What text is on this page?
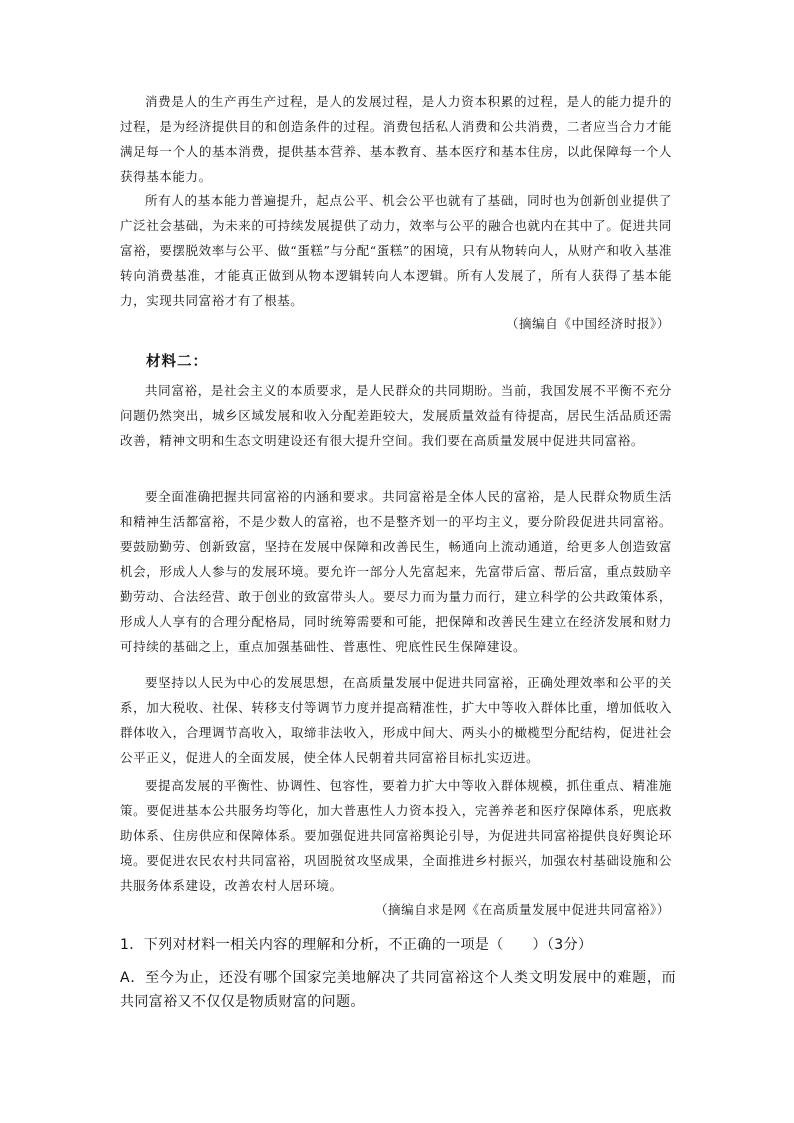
消费是人的生产再生产过程，是人的发展过程，是人力资本积累的过程，是人的能力提升的过程，是为经济提供目的和创造条件的过程。消费包括私人消费和公共消费，二者应当合力才能满足每一个人的基本消费，提供基本营养、基本教育、基本医疗和基本住房，以此保障每一个人获得基本能力。

所有人的基本能力普遍提升，起点公平、机会公平也就有了基础，同时也为创新创业提供了广泛社会基础，为未来的可持续发展提供了动力，效率与公平的融合也就内在其中了。促进共同富裕，要摆脱效率与公平、做“蛋糕”与分配“蛋糕”的困境，只有从物转向人，从财产和收入基准转向消费基准，才能真正做到从物本逻辑转向人本逻辑。所有人发展了，所有人获得了基本能力，实现共同富裕才有了根基。

（摘编自《中国经济时报》）
材料二：

共同富裕，是社会主义的本质要求，是人民群众的共同期盼。当前，我国发展不平衡不充分问题仍然突出，城乡区域发展和收入分配差距较大，发展质量效益有待提高，居民生活品质还需改善，精神文明和生态文明建设还有很大提升空间。我们要在高质量发展中促进共同富裕。

要全面准确把握共同富裕的内涵和要求。共同富裕是全体人民的富裕，是人民群众物质生活和精神生活都富裕，不是少数人的富裕，也不是整齐划一的平均主义，要分阶段促进共同富裕。要鼓励勤劳、创新致富，坚持在发展中保障和改善民生，畅通向上流动通道，给更多人创造致富机会，形成人人参与的发展环境。要允许一部分人先富起来，先富带后富、帮后富，重点鼓励辛勤劳动、合法经营、敢于创业的致富带头人。要尽力而为量力而行，建立科学的公共政策体系，形成人人享有的合理分配格局，同时统筹需要和可能，把保障和改善民生建立在经济发展和财力可持续的基础之上，重点加强基础性、普惠性、兜底性民生保障建设。

要坚持以人民为中心的发展思想，在高质量发展中促进共同富裕，正确处理效率和公平的关系，加大税收、社保、转移支付等调节力度并提高精准性，扩大中等收入群体比重，增加低收入群体收入，合理调节高收入，取缔非法收入，形成中间大、两头小的橄榄型分配结构，促进社会公平正义，促进人的全面发展，使全体人民朝着共同富裕目标扎实迈进。

要提高发展的平衡性、协调性、包容性，要着力扩大中等收入群体规模，抓住重点、精准施策。要促进基本公共服务均等化，加大普惠性人力资本投入，完善养老和医疗保障体系，兜底救助体系、住房供应和保障体系。要加强促进共同富裕舆论引导，为促进共同富裕提供良好舆论环境。要促进农民农村共同富裕，巩固脱贫攻坚成果，全面推进乡村振兴，加强农村基础设施和公共服务体系建设，改善农村人居环境。

（摘编自求是网《在高质量发展中促进共同富裕》）
1．下列对材料一相关内容的理解和分析，不正确的一项是（　　）（3分）
A．至今为止，还没有哪个国家完美地解决了共同富裕这个人类文明发展中的难题，而共同富裕又不仅仅是物质财富的问题。
